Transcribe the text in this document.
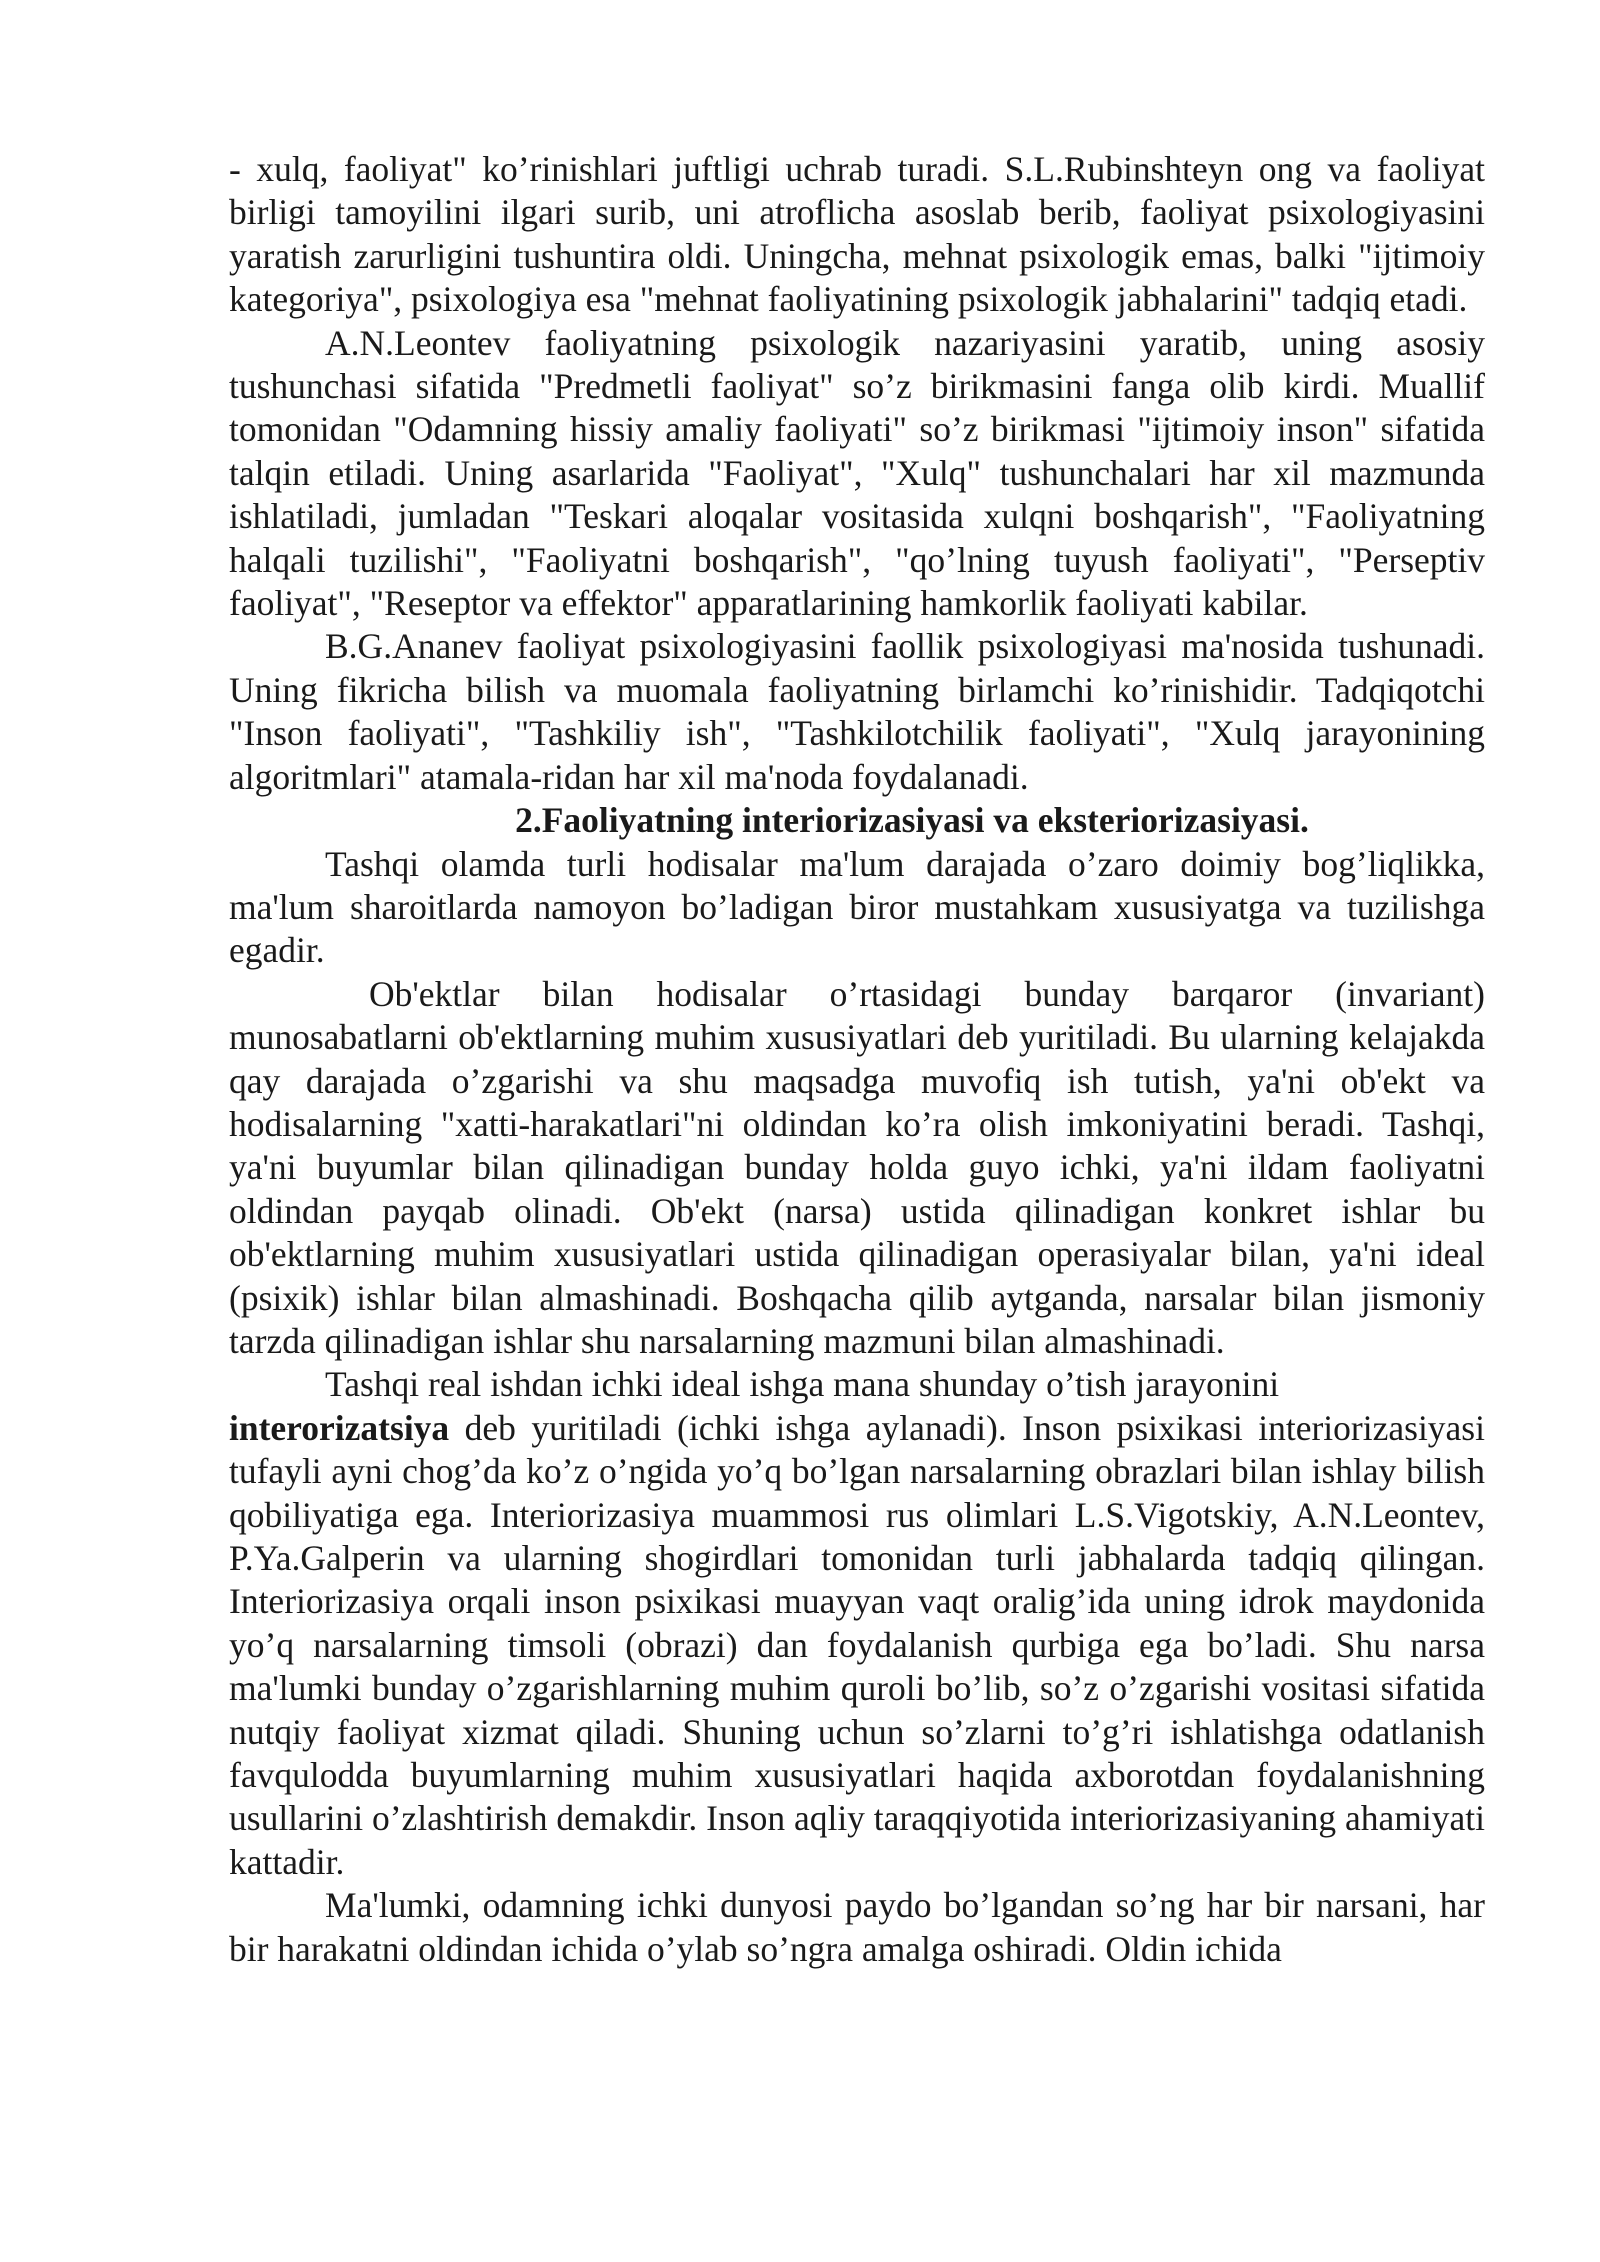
- xulq, faoliyat" ko’rinishlari juftligi uchrab turadi. S.L.Rubinshteyn ong va faoliyat birligi tamoyilini ilgari surib, uni atroflicha asoslab berib, faoliyat psixologiyasini yaratish zarurligini tushuntira oldi. Uningcha, mehnat psixologik emas, balki "ijtimoiy kategoriya", psixologiya esa "mehnat faoliyatining psixologik jabhalarini" tadqiq etadi.

A.N.Leontev faoliyatning psixologik nazariyasini yaratib, uning asosiy tushunchasi sifatida "Predmetli faoliyat" so’z birikmasini fanga olib kirdi. Muallif tomonidan "Odamning hissiy amaliy faoliyati" so’z birikmasi "ijtimoiy inson" sifatida talqin etiladi. Uning asarlarida "Faoliyat", "Xulq" tushunchalari har xil mazmunda ishlatiladi, jumladan "Teskari aloqalar vositasida xulqni boshqarish", "Faoliyatning halqali tuzilishi", "Faoliyatni boshqarish", "qo’lning tuyush faoliyati", "Perseptiv faoliyat", "Reseptor va effektor" apparatlarining hamkorlik faoliyati kabilar.

B.G.Ananev faoliyat psixologiyasini faollik psixologiyasi ma'nosida tushunadi. Uning fikricha bilish va muomala faoliyatning birlamchi ko’rinishidir. Tadqiqotchi "Inson faoliyati", "Tashkiliy ish", "Tashkilotchilik faoliyati", "Xulq jarayonining algoritmlari" atamala-ridan har xil ma'noda foydalanadi.

2.Faoliyatning interiorizasiyasi va eksteriorizasiyasi.

Tashqi olamda turli hodisalar ma'lum darajada o’zaro doimiy bog’liqlikka, ma'lum sharoitlarda namoyon bo’ladigan biror mustahkam xususiyatga va tuzilishga egadir.

Ob'ektlar bilan hodisalar o’rtasidagi bunday barqaror (invariant) munosabatlarni ob'ektlarning muhim xususiyatlari deb yuritiladi. Bu ularning kelajakda qay darajada o’zgarishi va shu maqsadga muvofiq ish tutish, ya'ni ob'ekt va hodisalarning "xatti-harakatlari"ni oldindan ko’ra olish imkoniyatini beradi. Tashqi, ya'ni buyumlar bilan qilinadigan bunday holda guyo ichki, ya'ni ildam faoliyatni oldindan payqab olinadi. Ob'ekt (narsa) ustida qilinadigan konkret ishlar bu ob'ektlarning muhim xususiyatlari ustida qilinadigan operasiyalar bilan, ya'ni ideal (psixik) ishlar bilan almashinadi. Boshqacha qilib aytganda, narsalar bilan jismoniy tarzda qilinadigan ishlar shu narsalarning mazmuni bilan almashinadi.

Tashqi real ishdan ichki ideal ishga mana shunday o’tish jarayonini
interorizatsiya deb yuritiladi (ichki ishga aylanadi). Inson psixikasi interiorizasiyasi tufayli ayni chog’da ko’z o’ngida yo’q bo’lgan narsalarning obrazlari bilan ishlay bilish qobiliyatiga ega. Interiorizasiya muammosi rus olimlari L.S.Vigotskiy, A.N.Leontev, P.Ya.Galperin va ularning shogirdlari tomonidan turli jabhalarda tadqiq qilingan. Interiorizasiya orqali inson psixikasi muayyan vaqt oralig’ida uning idrok maydonida yo’q narsalarning timsoli (obrazi) dan foydalanish qurbiga ega bo’ladi. Shu narsa ma'lumki bunday o’zgarishlarning muhim quroli bo’lib, so’z o’zgarishi vositasi sifatida nutqiy faoliyat xizmat qiladi. Shuning uchun so’zlarni to’g’ri ishlatishga odatlanish favqulodda buyumlarning muhim xususiyatlari haqida axborotdan foydalanishning usullarini o’zlashtirish demakdir. Inson aqliy taraqqiyotida interiorizasiyaning ahamiyati kattadir.

Ma'lumki, odamning ichki dunyosi paydo bo’lgandan so’ng har bir narsani, har bir harakatni oldindan ichida o’ylab so’ngra amalga oshiradi. Oldin ichida
